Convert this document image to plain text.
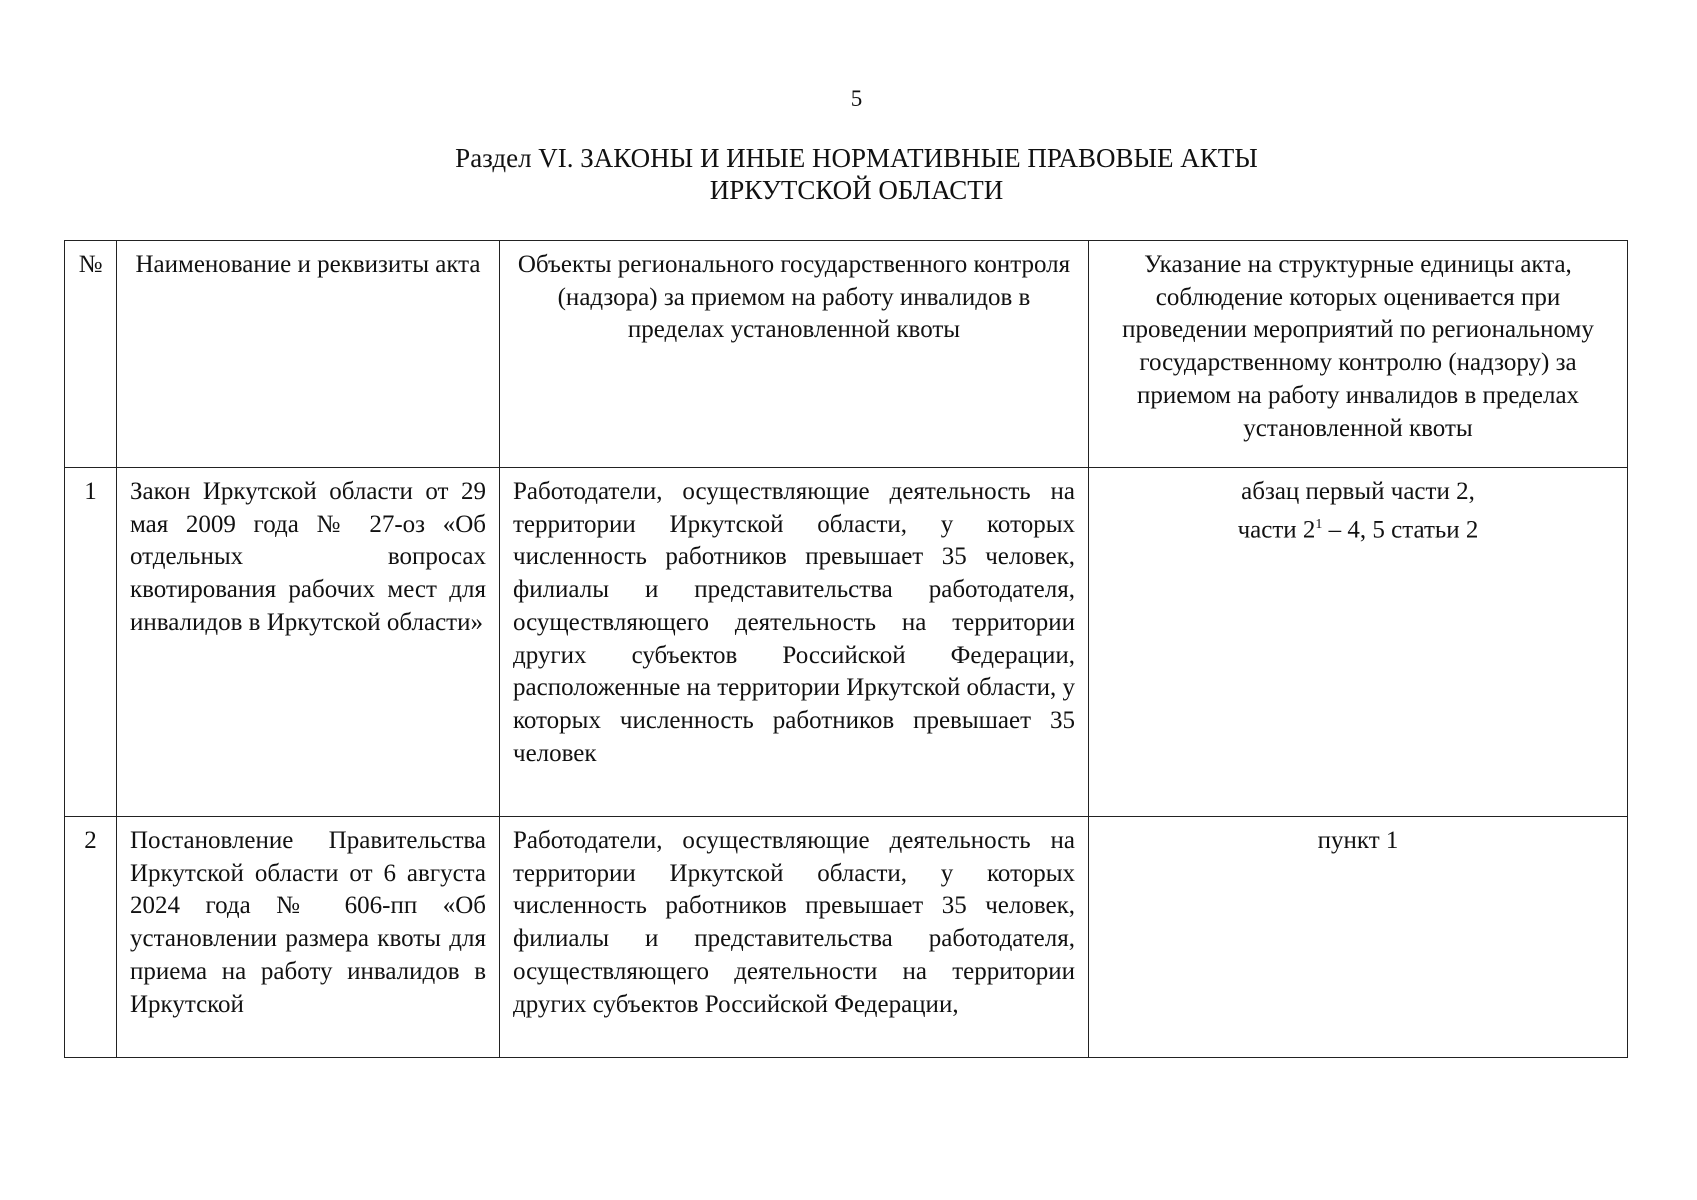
5
Раздел VI. ЗАКОНЫ И ИНЫЕ НОРМАТИВНЫЕ ПРАВОВЫЕ АКТЫ
ИРКУТСКОЙ ОБЛАСТИ
№	Наименование и реквизиты акта	Объекты регионального государственного контроля (надзора) за приемом на работу инвалидов в пределах установленной квоты	Указание на структурные единицы акта, соблюдение которых оценивается при проведении мероприятий по региональному государственному контролю (надзору) за приемом на работу инвалидов в пределах установленной квоты
1	Закон Иркутской области от 29 мая 2009 года № 27-оз «Об отдельных вопросах квотирования рабочих мест для инвалидов в Иркутской области»	Работодатели, осуществляющие деятельность на территории Иркутской области, у которых численность работников превышает 35 человек, филиалы и представительства работодателя, осуществляющего деятельность на территории других субъектов Российской Федерации, расположенные на территории Иркутской области, у которых численность работников превышает 35 человек	абзац первый части 2,
части $2^1 - 4$, 5 статьи 2

2	Постановление Правительства Иркутской области от 6 августа 2024 года № 606-пп «Об установлении размера квоты для приема на работу инвалидов в Иркутской	Работодатели, осуществляющие деятельность на территории Иркутской области, у которых численность работников превышает 35 человек, филиалы и представительства работодателя, осуществляющего деятельности на территории других субъектов Российской Федерации,	пункт 1
